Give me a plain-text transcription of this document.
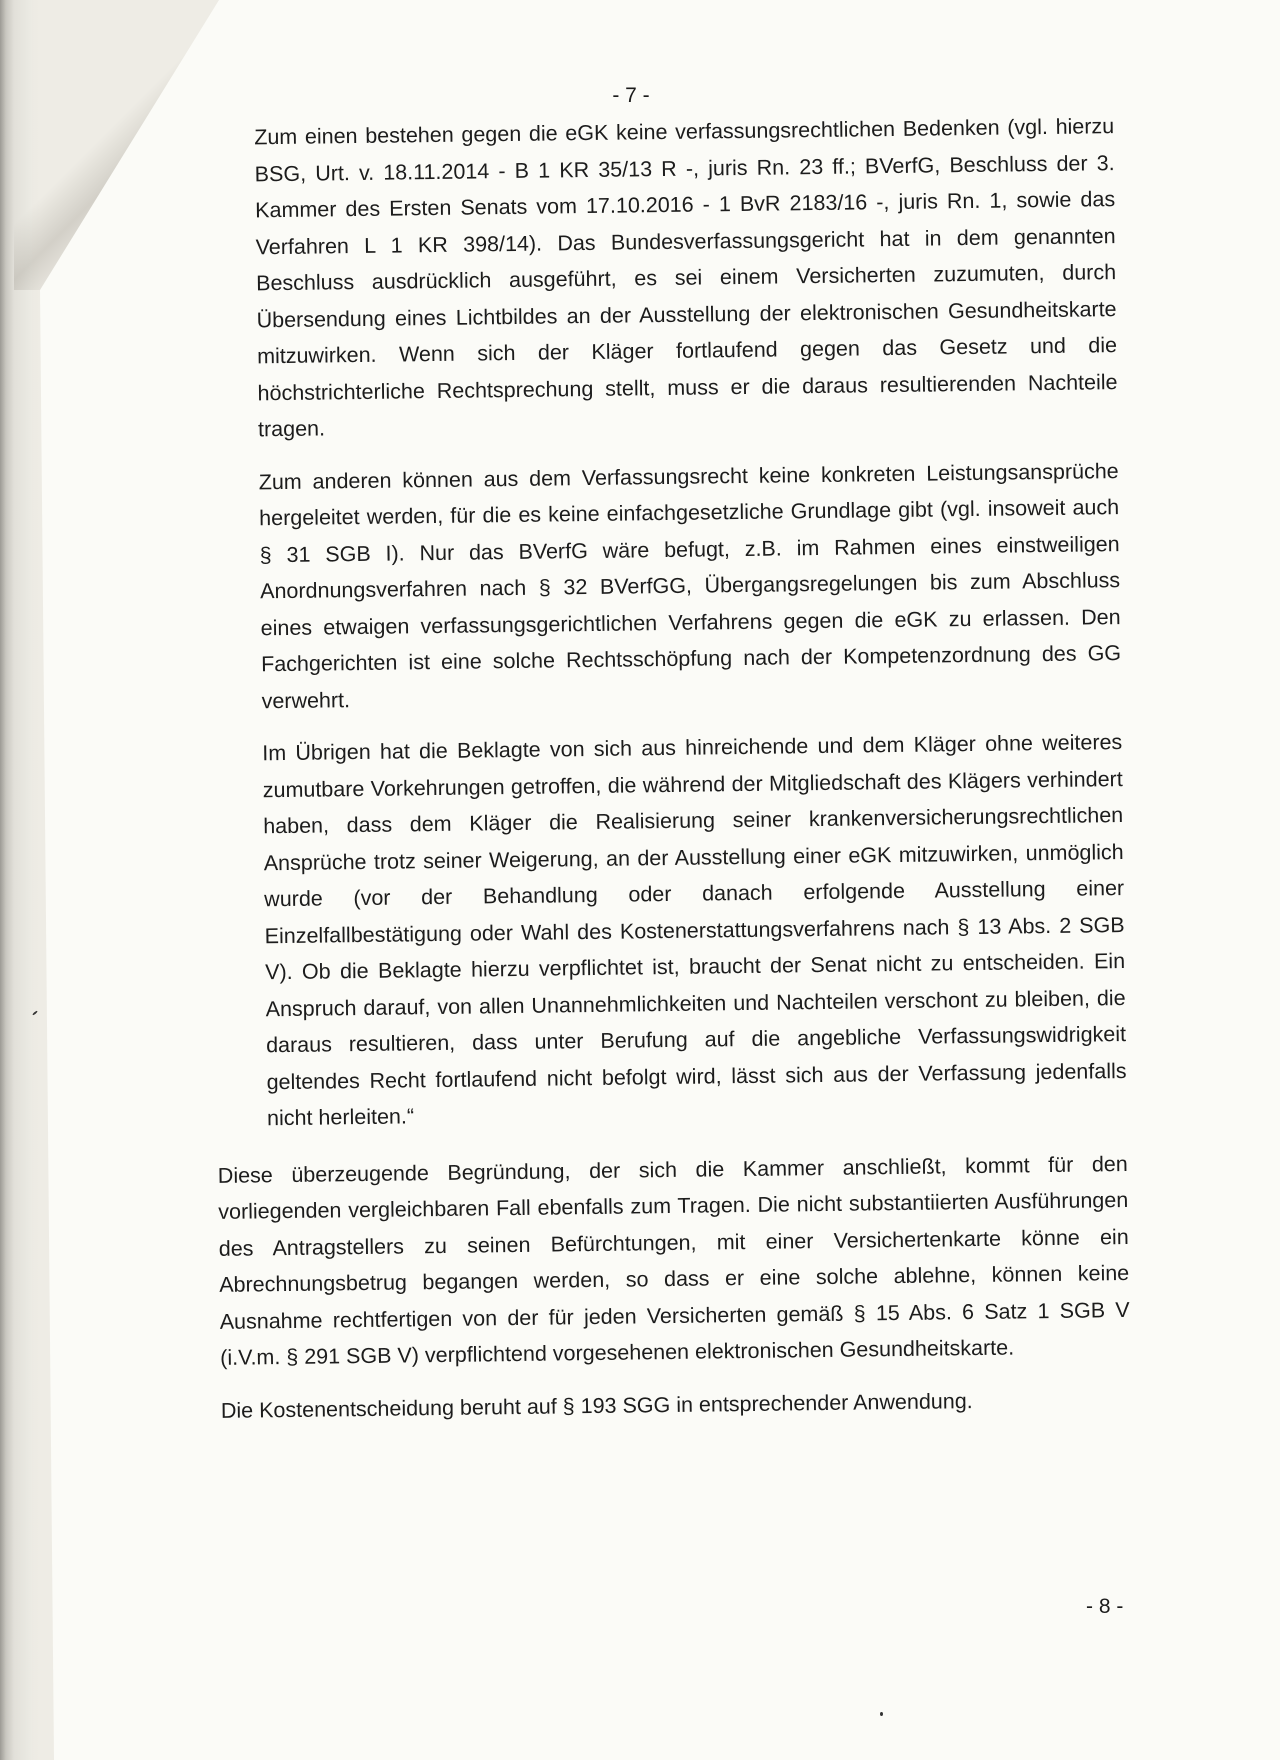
- 7 -

Zum einen bestehen gegen die eGK keine verfassungsrechtlichen Bedenken (vgl. hierzu BSG, Urt. v. 18.11.2014 - B 1 KR 35/13 R -, juris Rn. 23 ff.; BVerfG, Beschluss der 3. Kammer des Ersten Senats vom 17.10.2016 - 1 BvR 2183/16 -, juris Rn. 1, sowie das Verfahren L 1 KR 398/14). Das Bundesverfassungsgericht hat in dem genannten Beschluss ausdrücklich ausgeführt, es sei einem Versicherten zuzumuten, durch Übersendung eines Lichtbildes an der Ausstellung der elektronischen Gesundheitskarte mitzuwirken. Wenn sich der Kläger fortlaufend gegen das Gesetz und die höchstrichterliche Rechtsprechung stellt, muss er die daraus resultierenden Nachteile tragen.

Zum anderen können aus dem Verfassungsrecht keine konkreten Leistungsansprüche hergeleitet werden, für die es keine einfachgesetzliche Grundlage gibt (vgl. insoweit auch § 31 SGB I). Nur das BVerfG wäre befugt, z.B. im Rahmen eines einstweiligen Anordnungsverfahren nach § 32 BVerfGG, Übergangsregelungen bis zum Abschluss eines etwaigen verfassungsgerichtlichen Verfahrens gegen die eGK zu erlassen. Den Fachgerichten ist eine solche Rechtsschöpfung nach der Kompetenzordnung des GG verwehrt.

Im Übrigen hat die Beklagte von sich aus hinreichende und dem Kläger ohne weiteres zumutbare Vorkehrungen getroffen, die während der Mitgliedschaft des Klägers verhindert haben, dass dem Kläger die Realisierung seiner krankenversicherungsrechtlichen Ansprüche trotz seiner Weigerung, an der Ausstellung einer eGK mitzuwirken, unmöglich wurde (vor der Behandlung oder danach erfolgende Ausstellung einer Einzelfallbestätigung oder Wahl des Kostenerstattungsverfahrens nach § 13 Abs. 2 SGB V). Ob die Beklagte hierzu verpflichtet ist, braucht der Senat nicht zu entscheiden. Ein Anspruch darauf, von allen Unannehmlichkeiten und Nachteilen verschont zu bleiben, die daraus resultieren, dass unter Berufung auf die angebliche Verfassungswidrigkeit geltendes Recht fortlaufend nicht befolgt wird, lässt sich aus der Verfassung jedenfalls nicht herleiten.“

Diese überzeugende Begründung, der sich die Kammer anschließt, kommt für den vorliegenden vergleichbaren Fall ebenfalls zum Tragen. Die nicht substantiierten Ausführungen des Antragstellers zu seinen Befürchtungen, mit einer Versichertenkarte könne ein Abrechnungsbetrug begangen werden, so dass er eine solche ablehne, können keine Ausnahme rechtfertigen von der für jeden Versicherten gemäß § 15 Abs. 6 Satz 1 SGB V (i.V.m. § 291 SGB V) verpflichtend vorgesehenen elektronischen Gesundheitskarte.

Die Kostenentscheidung beruht auf § 193 SGG in entsprechender Anwendung.

- 8 -
